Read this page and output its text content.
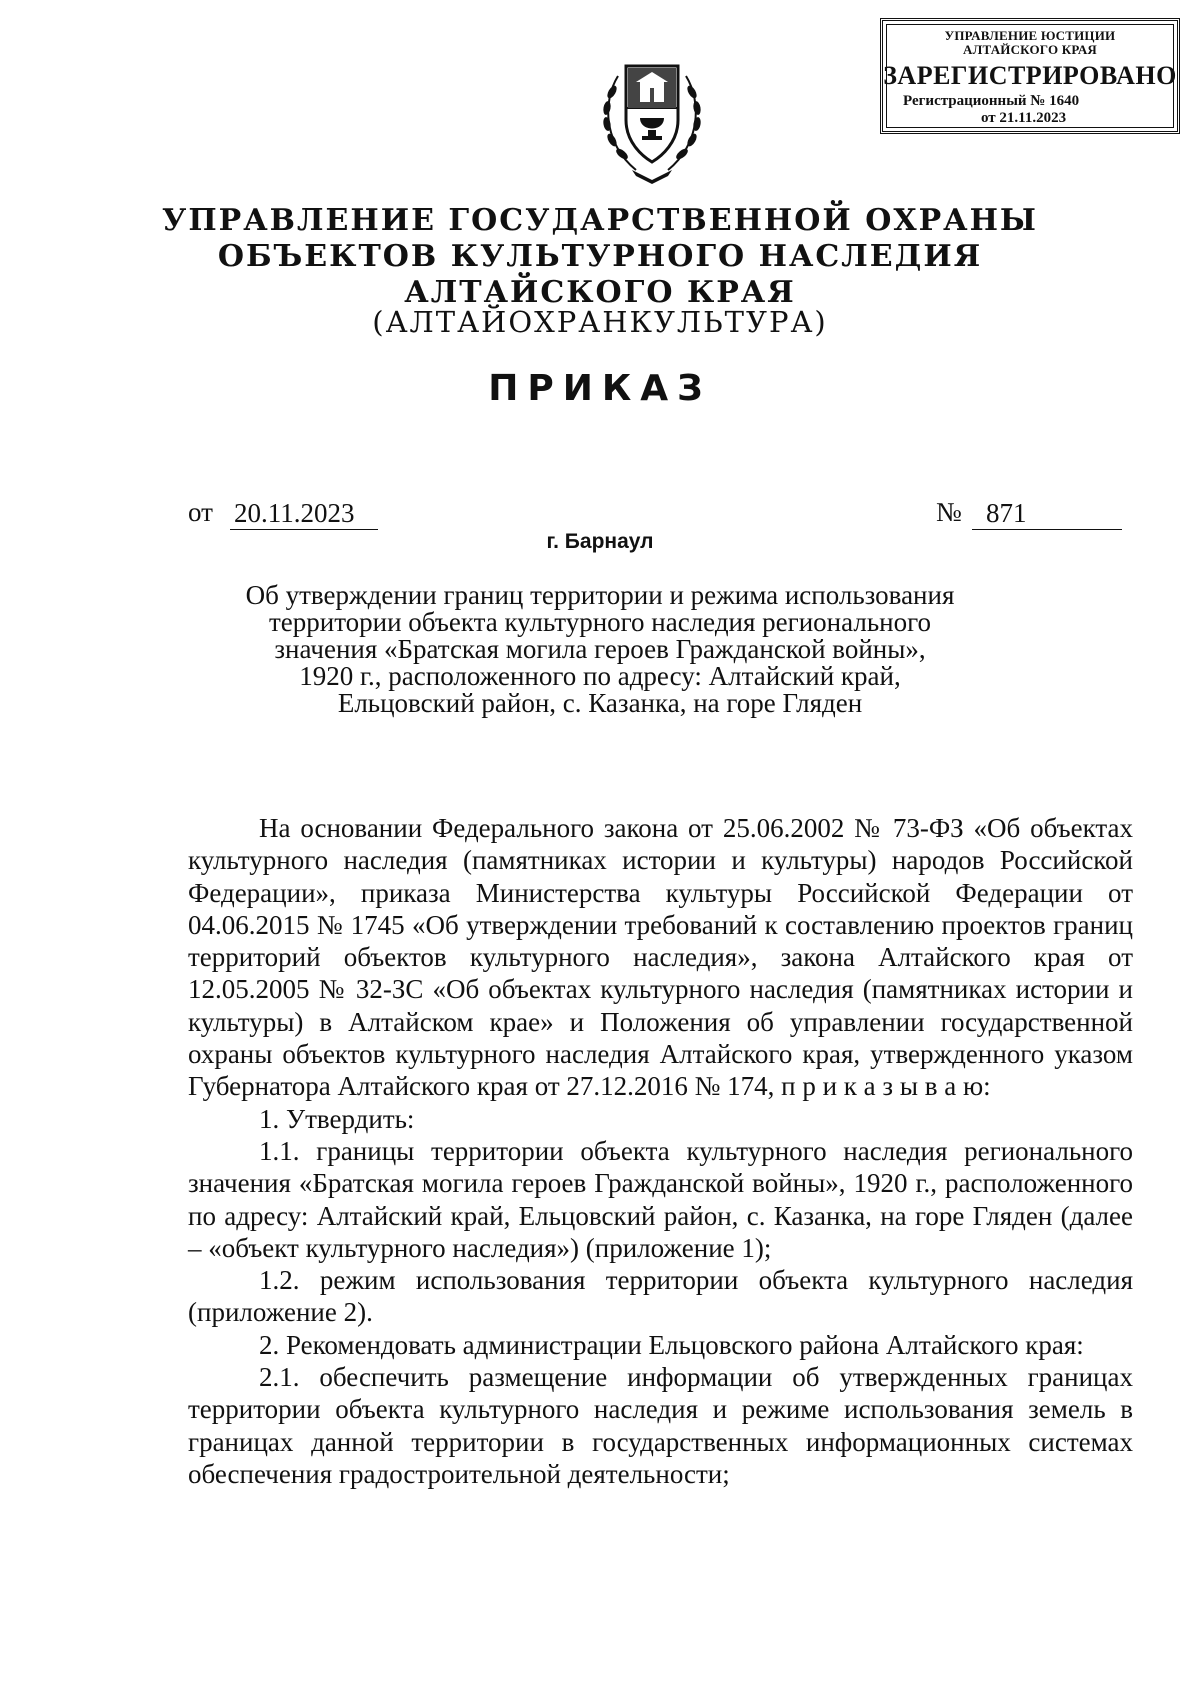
УПРАВЛЕНИЕ ЮСТИЦИИ
АЛТАЙСКОГО КРАЯ
ЗАРЕГИСТРИРОВАНО
Регистрационный № 1640
от 21.11.2023
УПРАВЛЕНИЕ ГОСУДАРСТВЕННОЙ ОХРАНЫ
ОБЪЕКТОВ КУЛЬТУРНОГО НАСЛЕДИЯ
АЛТАЙСКОГО КРАЯ
(АЛТАЙОХРАНКУЛЬТУРА)
ПРИКАЗ
от 20.11.2023	№ 871
г. Барнаул
Об утверждении границ территории и режима использования
территории объекта культурного наследия регионального
значения «Братская могила героев Гражданской войны»,
1920 г., расположенного по адресу: Алтайский край,
Ельцовский район, с. Казанка, на горе Гляден

На основании Федерального закона от 25.06.2002 № 73-ФЗ «Об объектах культурного наследия (памятниках истории и культуры) народов Российской Федерации», приказа Министерства культуры Российской Федерации от 04.06.2015 № 1745 «Об утверждении требований к составлению проектов границ территорий объектов культурного наследия», закона Алтайского края от 12.05.2005 № 32-ЗС «Об объектах культурного наследия (памятниках истории и культуры) в Алтайском крае» и Положения об управлении государственной охраны объектов культурного наследия Алтайского края, утвержденного указом Губернатора Алтайского края от 27.12.2016 № 174, п р и к а з ы в а ю:

1. Утвердить:

1.1. границы территории объекта культурного наследия регионального значения «Братская могила героев Гражданской войны», 1920 г., расположенного по адресу: Алтайский край, Ельцовский район, с. Казанка, на горе Гляден (далее – «объект культурного наследия») (приложение 1);

1.2. режим использования территории объекта культурного наследия (приложение 2).

2. Рекомендовать администрации Ельцовского района Алтайского края:

2.1. обеспечить размещение информации об утвержденных границах территории объекта культурного наследия и режиме использования земель в границах данной территории в государственных информационных системах обеспечения градостроительной деятельности;
